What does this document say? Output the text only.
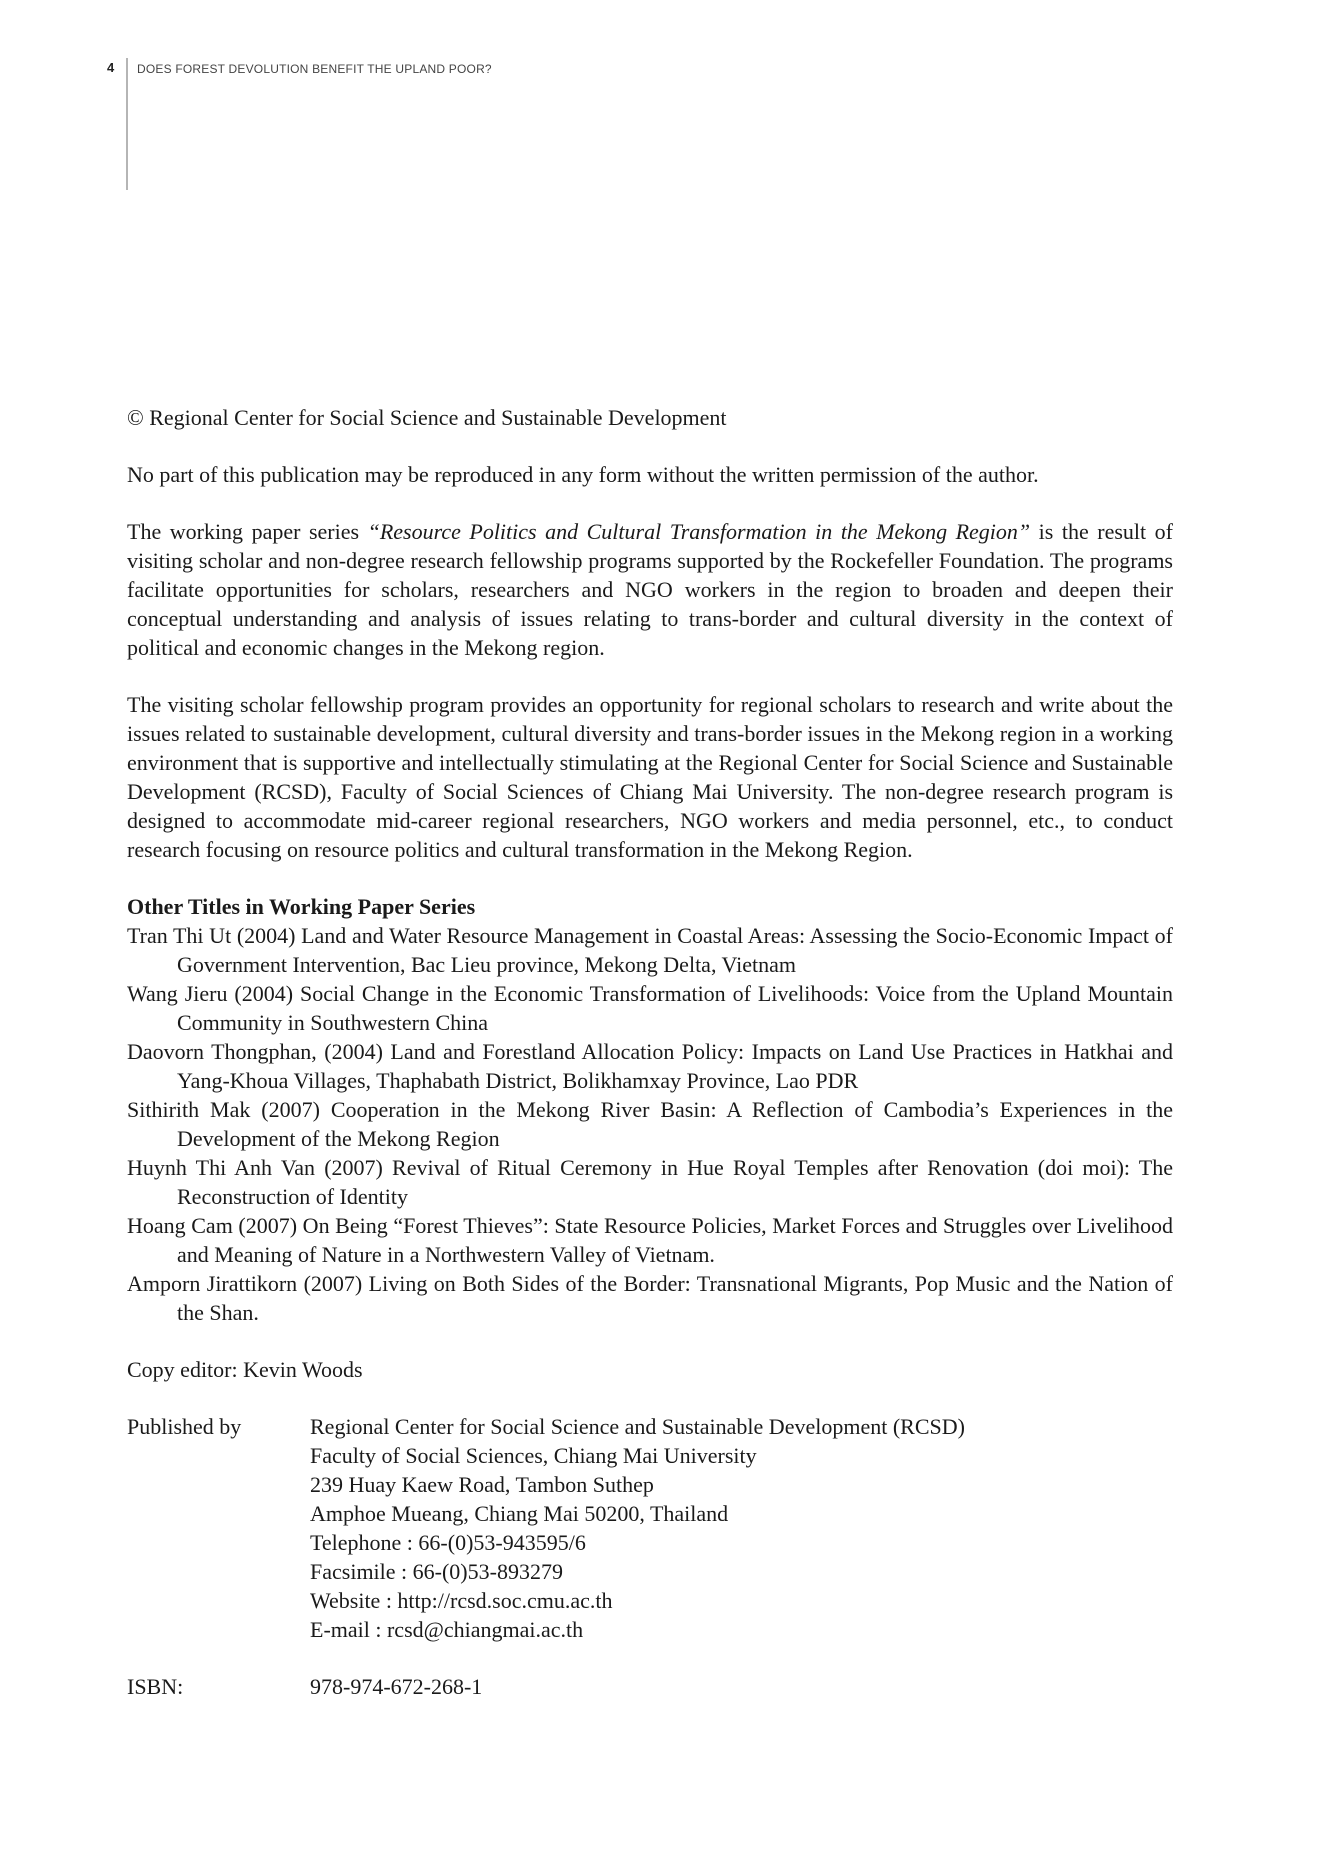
4 DOES FOREST DEVOLUTION BENEFIT THE UPLAND POOR?

© Regional Center for Social Science and Sustainable Development

No part of this publication may be reproduced in any form without the written permission of the author.

The working paper series “Resource Politics and Cultural Transformation in the Mekong Region” is the result of visiting scholar and non-degree research fellowship programs supported by the Rockefeller Foundation. The programs facilitate opportunities for scholars, researchers and NGO workers in the region to broaden and deepen their conceptual understanding and analysis of issues relating to trans-border and cultural diversity in the context of political and economic changes in the Mekong region.

The visiting scholar fellowship program provides an opportunity for regional scholars to research and write about the issues related to sustainable development, cultural diversity and trans-border issues in the Mekong region in a working environment that is supportive and intellectually stimulating at the Regional Center for Social Science and Sustainable Development (RCSD), Faculty of Social Sciences of Chiang Mai University. The non-degree research program is designed to accommodate mid-career regional researchers, NGO workers and media personnel, etc., to conduct research focusing on resource politics and cultural transformation in the Mekong Region.

Other Titles in Working Paper Series

Tran Thi Ut (2004) Land and Water Resource Management in Coastal Areas: Assessing the Socio-Economic Impact of Government Intervention, Bac Lieu province, Mekong Delta, Vietnam

Wang Jieru (2004) Social Change in the Economic Transformation of Livelihoods: Voice from the Upland Mountain Community in Southwestern China

Daovorn Thongphan, (2004) Land and Forestland Allocation Policy: Impacts on Land Use Practices in Hatkhai and Yang-Khoua Villages, Thaphabath District, Bolikhamxay Province, Lao PDR

Sithirith Mak (2007) Cooperation in the Mekong River Basin: A Reflection of Cambodia’s Experiences in the Development of the Mekong Region

Huynh Thi Anh Van (2007) Revival of Ritual Ceremony in Hue Royal Temples after Renovation (doi moi): The Reconstruction of Identity

Hoang Cam (2007) On Being “Forest Thieves”: State Resource Policies, Market Forces and Struggles over Livelihood and Meaning of Nature in a Northwestern Valley of Vietnam.

Amporn Jirattikorn (2007) Living on Both Sides of the Border: Transnational Migrants, Pop Music and the Nation of the Shan.

Copy editor: Kevin Woods

Published by	Regional Center for Social Science and Sustainable Development (RCSD)

Faculty of Social Sciences, Chiang Mai University

239 Huay Kaew Road, Tambon Suthep

Amphoe Mueang, Chiang Mai 50200, Thailand

Telephone : 66-(0)53-943595/6

Facsimile : 66-(0)53-893279

Website : http://rcsd.soc.cmu.ac.th

E-mail : rcsd@chiangmai.ac.th

ISBN:	978-974-672-268-1
